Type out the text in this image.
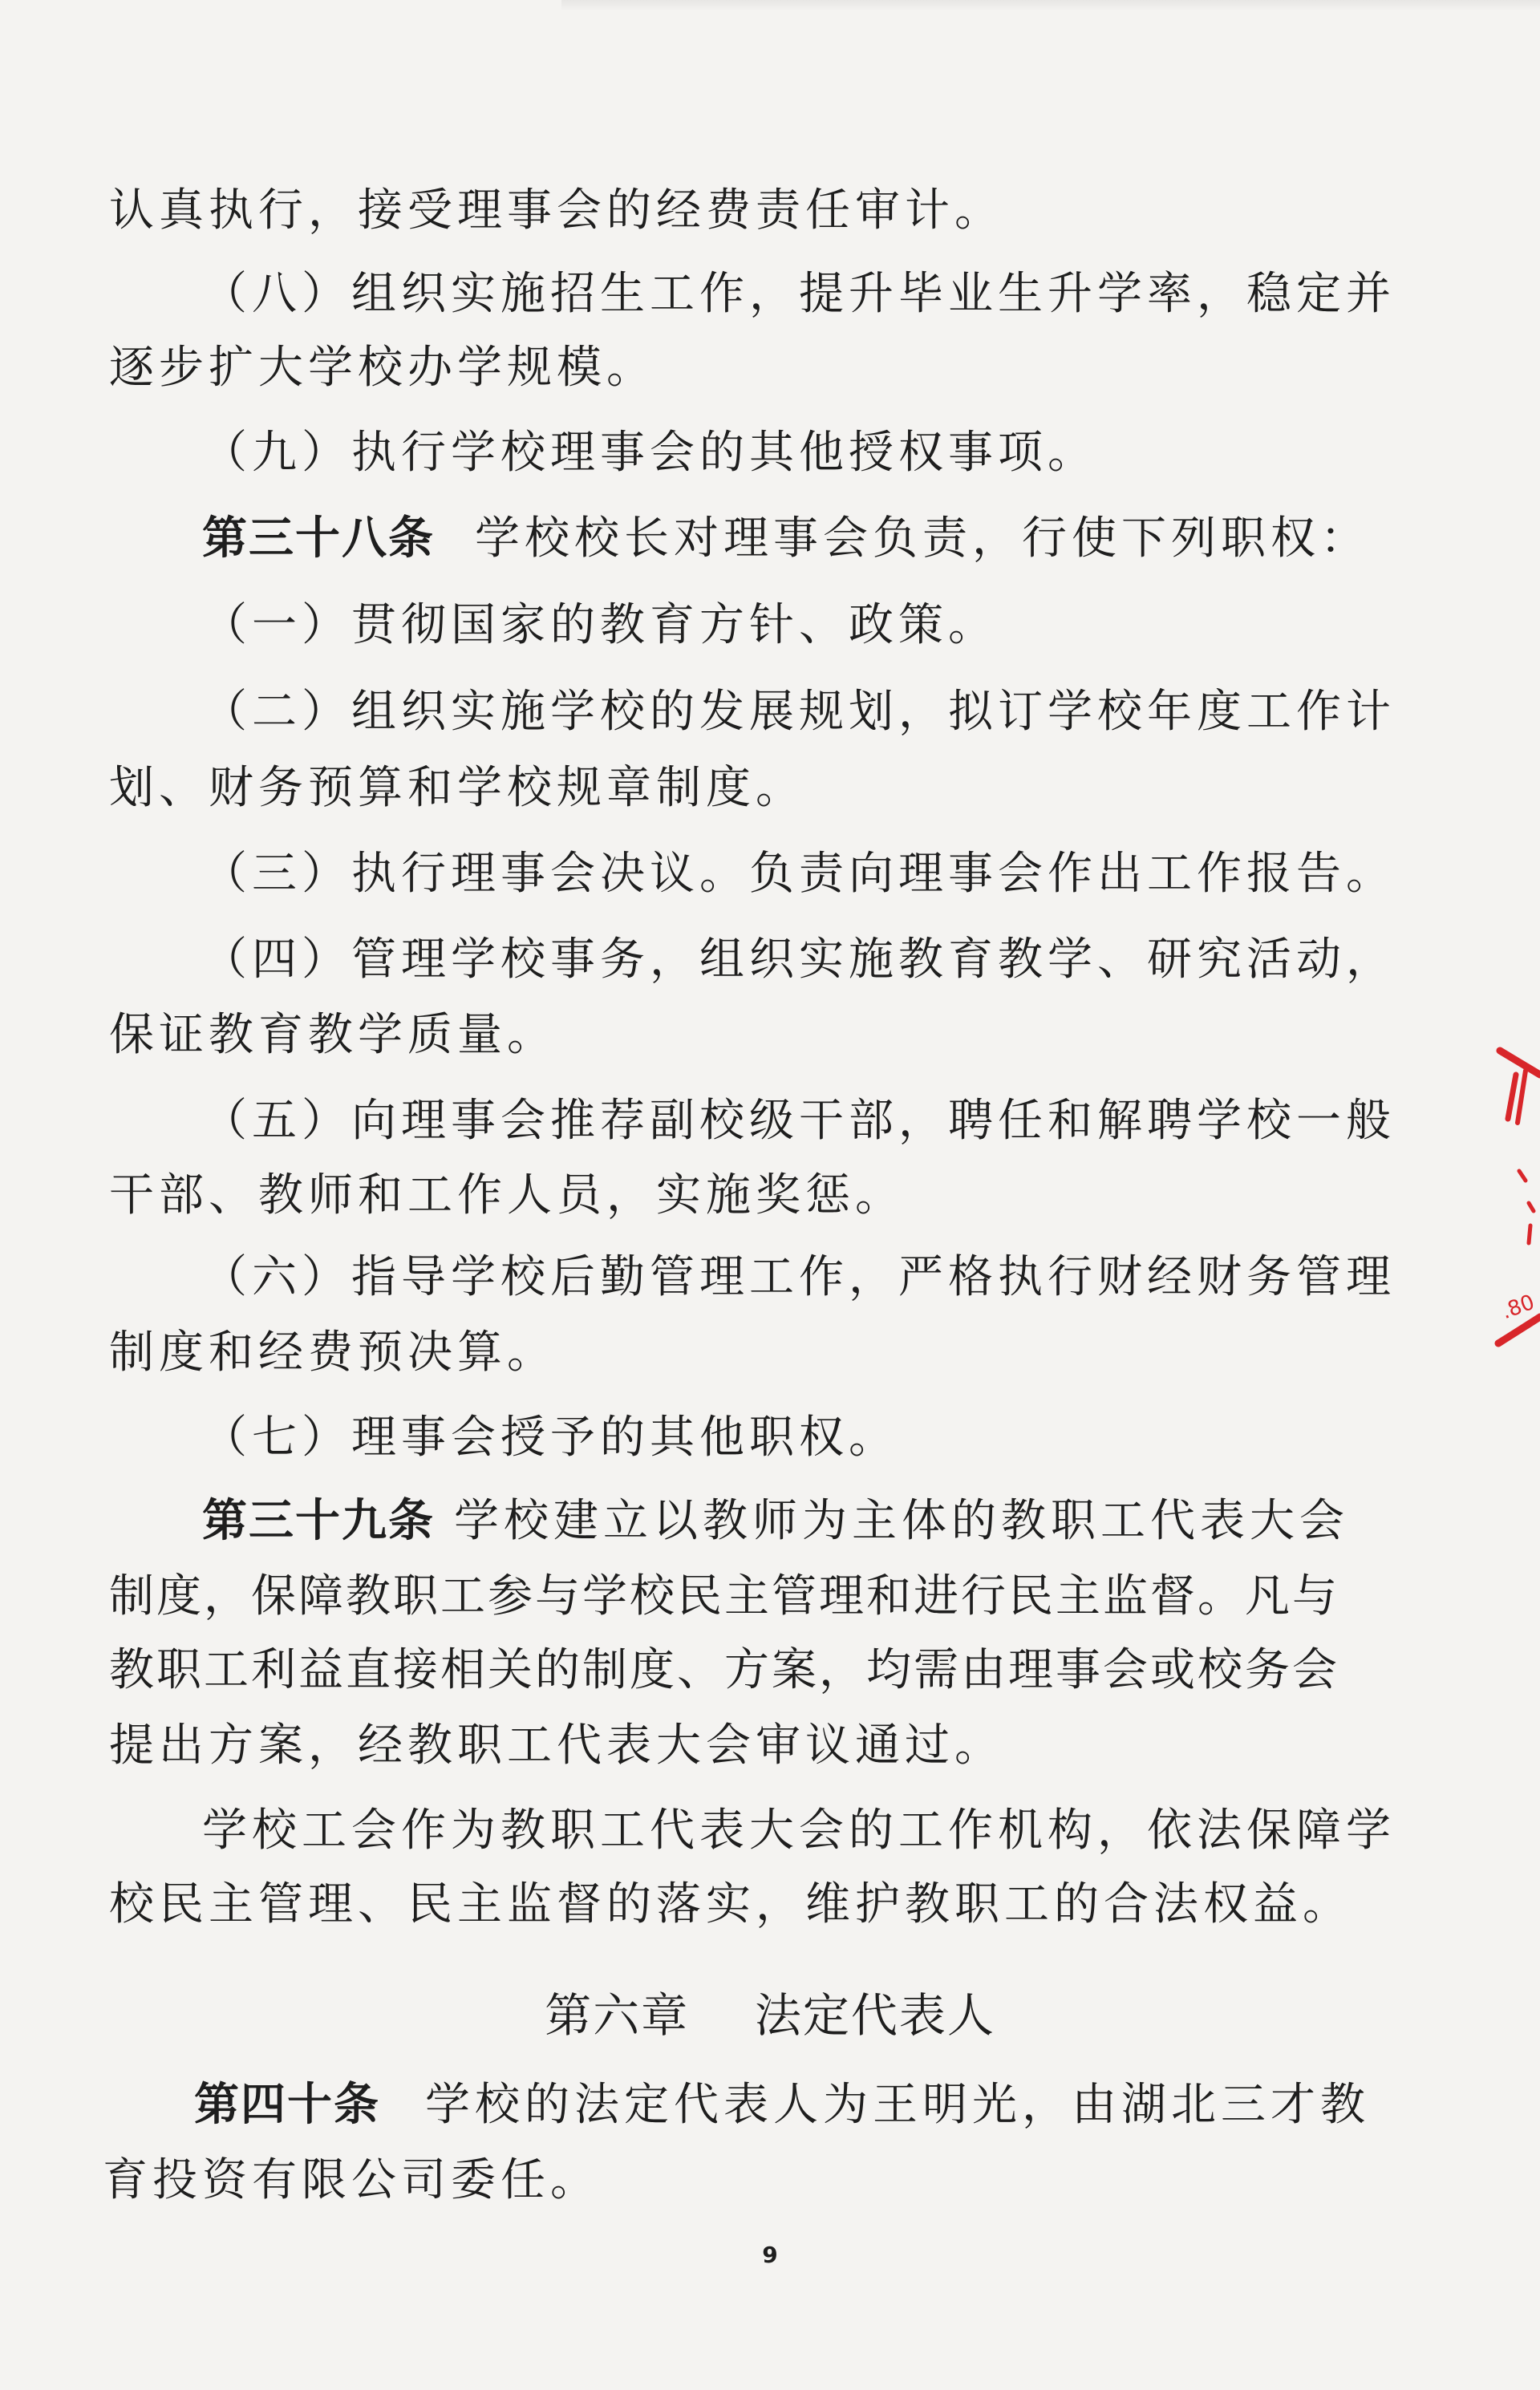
认真执行，接受理事会的经费责任审计。
（八）组织实施招生工作，提升毕业生升学率，稳定并
逐步扩大学校办学规模。
（九）执行学校理事会的其他授权事项。
第三十八条 学校校长对理事会负责，行使下列职权：
（一）贯彻国家的教育方针、政策。
（二）组织实施学校的发展规划，拟订学校年度工作计
划、财务预算和学校规章制度。
（三）执行理事会决议。负责向理事会作出工作报告。
（四）管理学校事务，组织实施教育教学、研究活动，
保证教育教学质量。
（五）向理事会推荐副校级干部，聘任和解聘学校一般
干部、教师和工作人员，实施奖惩。
（六）指导学校后勤管理工作，严格执行财经财务管理
制度和经费预决算。
（七）理事会授予的其他职权。
第三十九条 学校建立以教师为主体的教职工代表大会
制度，保障教职工参与学校民主管理和进行民主监督。凡与
教职工利益直接相关的制度、方案，均需由理事会或校务会
提出方案，经教职工代表大会审议通过。
学校工会作为教职工代表大会的工作机构，依法保障学
校民主管理、民主监督的落实，维护教职工的合法权益。
第六章    法定代表人
第四十条 学校的法定代表人为王明光，由湖北三才教
育投资有限公司委任。
9
.80
